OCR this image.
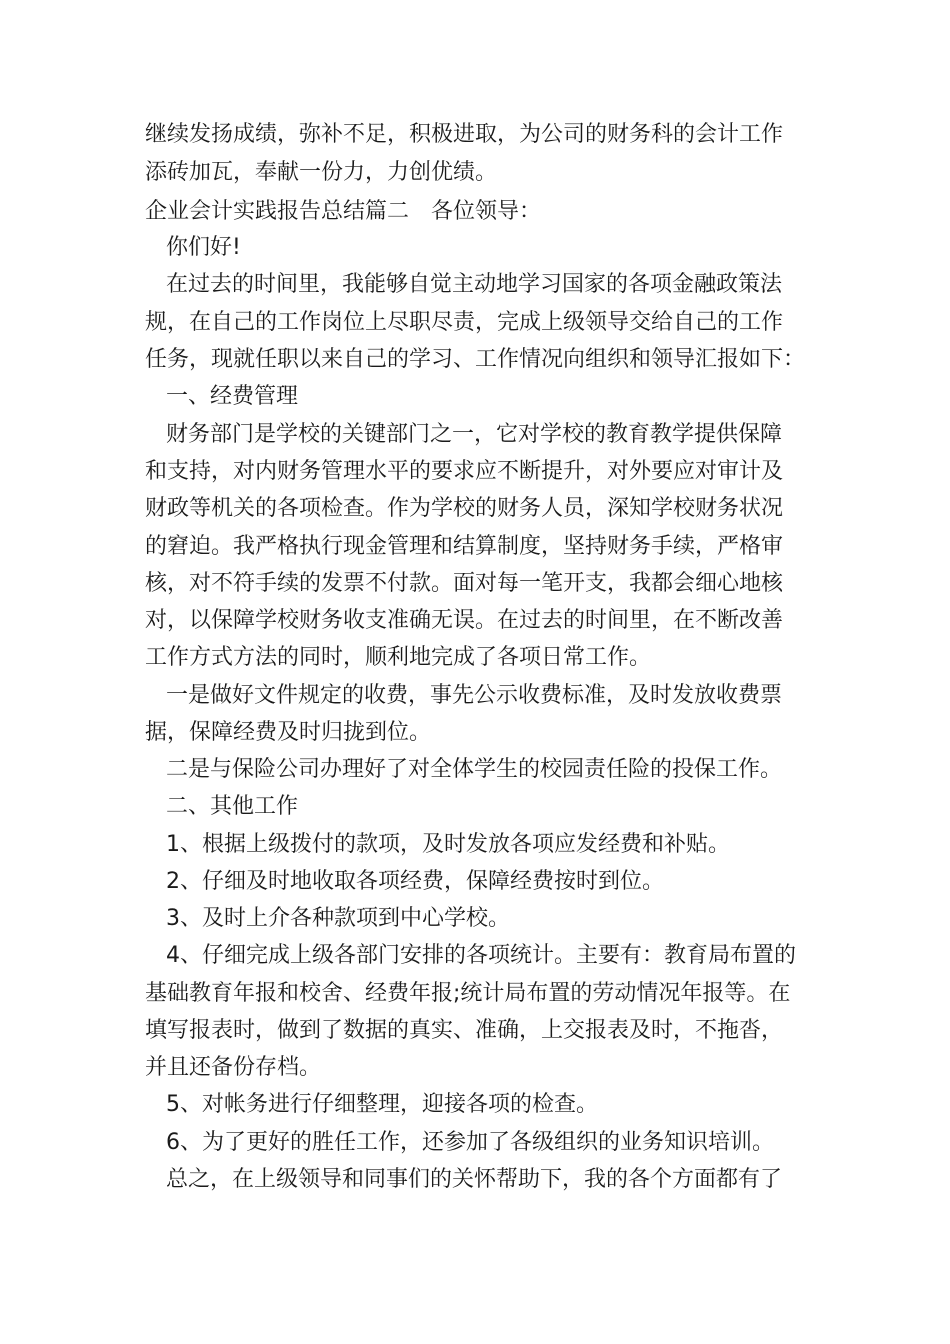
继续发扬成绩，弥补不足，积极进取，为公司的财务科的会计工作
添砖加瓦，奉献一份力，力创优绩。
企业会计实践报告总结篇二　各位领导：
你们好!
在过去的时间里，我能够自觉主动地学习国家的各项金融政策法
规，在自己的工作岗位上尽职尽责，完成上级领导交给自己的工作
任务，现就任职以来自己的学习、工作情况向组织和领导汇报如下：
一、经费管理
财务部门是学校的关键部门之一，它对学校的教育教学提供保障
和支持，对内财务管理水平的要求应不断提升，对外要应对审计及
财政等机关的各项检查。作为学校的财务人员，深知学校财务状况
的窘迫。我严格执行现金管理和结算制度，坚持财务手续，严格审
核，对不符手续的发票不付款。面对每一笔开支，我都会细心地核
对，以保障学校财务收支准确无误。在过去的时间里，在不断改善
工作方式方法的同时，顺利地完成了各项日常工作。
一是做好文件规定的收费，事先公示收费标准，及时发放收费票
据，保障经费及时归拢到位。
二是与保险公司办理好了对全体学生的校园责任险的投保工作。
二、其他工作
1、根据上级拨付的款项，及时发放各项应发经费和补贴。
2、仔细及时地收取各项经费，保障经费按时到位。
3、及时上介各种款项到中心学校。
4、仔细完成上级各部门安排的各项统计。主要有：教育局布置的
基础教育年报和校舍、经费年报;统计局布置的劳动情况年报等。在
填写报表时，做到了数据的真实、准确，上交报表及时，不拖沓，
并且还备份存档。
5、对帐务进行仔细整理，迎接各项的检查。
6、为了更好的胜任工作，还参加了各级组织的业务知识培训。
总之，在上级领导和同事们的关怀帮助下，我的各个方面都有了
